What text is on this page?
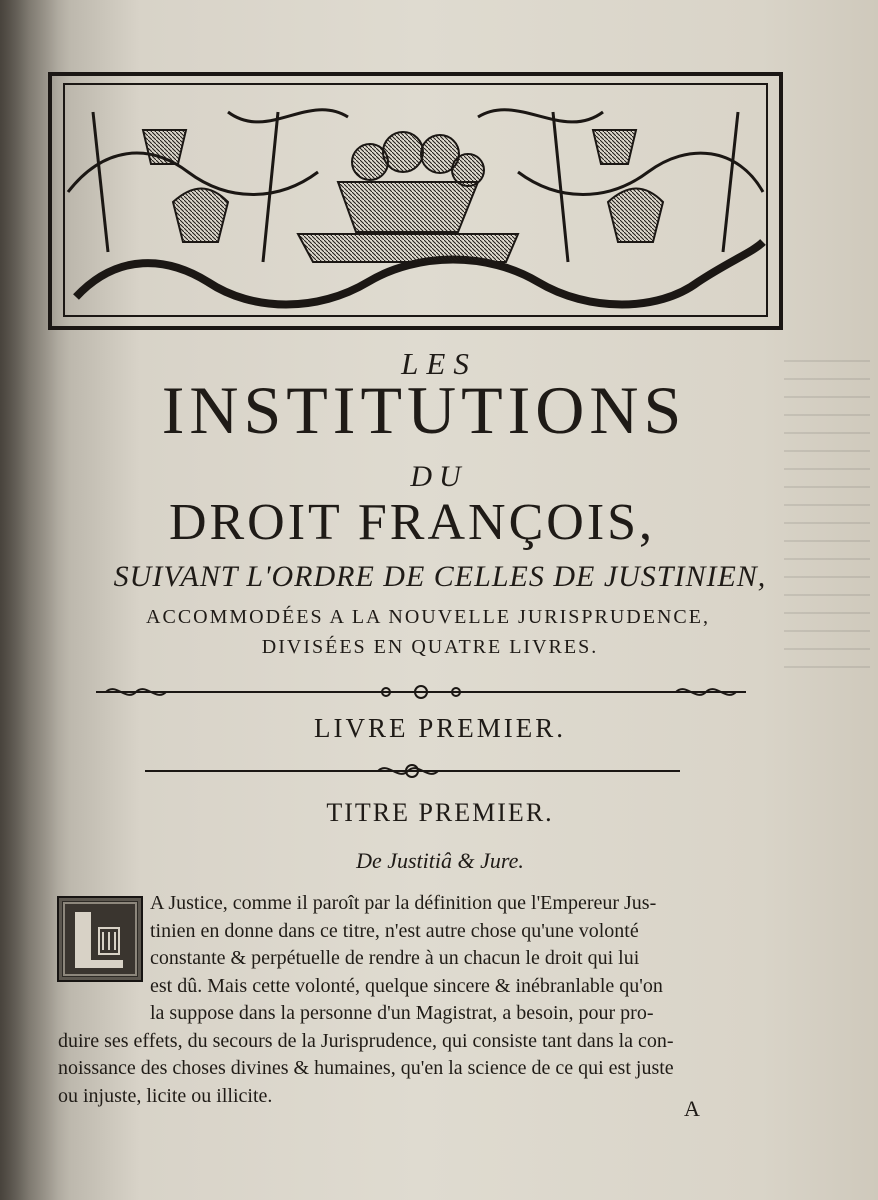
LES
INSTITUTIONS
DU
DROIT FRANÇOIS,
SUIVANT L'ORDRE DE CELLES DE JUSTINIEN,
ACCOMMODÉES A LA NOUVELLE JURISPRUDENCE,
DIVISÉES EN QUATRE LIVRES.
LIVRE PREMIER.
TITRE PREMIER.
De Justitiâ & Jure.
L
A Justice, comme il paroît par la définition que l'Empereur Jus-
tinien en donne dans ce titre, n'est autre chose qu'une volonté
constante & perpétuelle de rendre à un chacun le droit qui lui
est dû. Mais cette volonté, quelque sincere & inébranlable qu'on
la suppose dans la personne d'un Magistrat, a besoin, pour pro-
duire ses effets, du secours de la Jurisprudence, qui consiste tant dans la con-
noissance des choses divines & humaines, qu'en la science de ce qui est juste
ou injuste, licite ou illicite.
A
